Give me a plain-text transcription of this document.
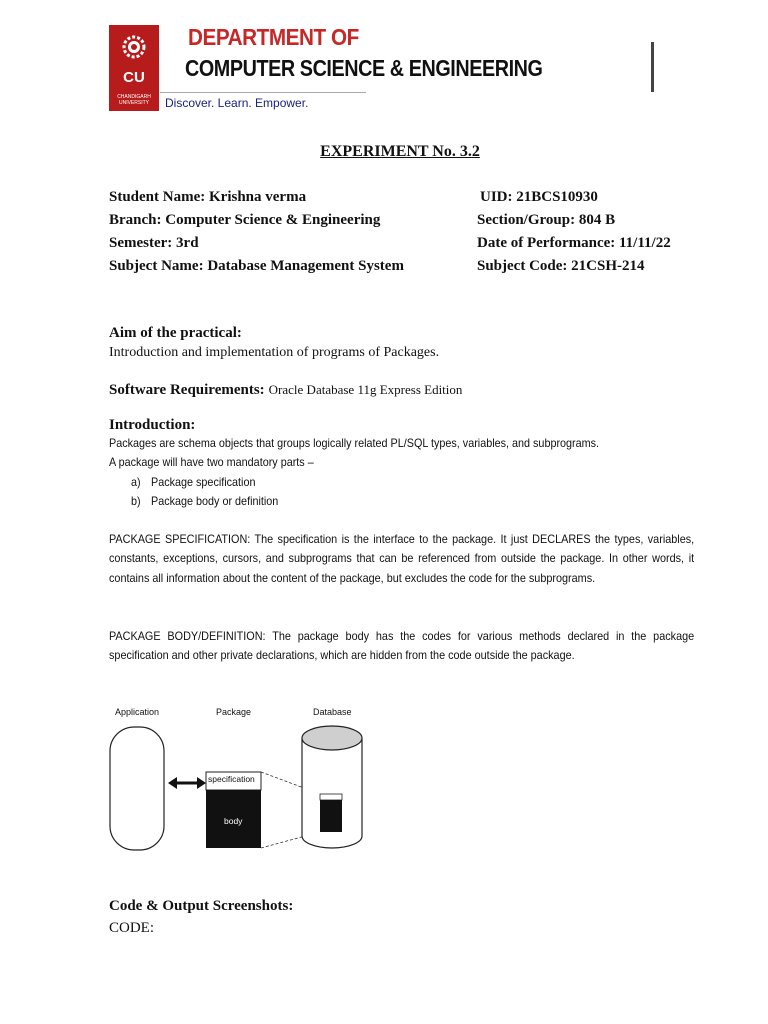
CU
CHANDIGARH UNIVERSITY
DEPARTMENT OF
COMPUTER SCIENCE & ENGINEERING
Discover. Learn. Empower.
EXPERIMENT No. 3.2
Student Name: Krishna verma	UID: 21BCS10930
Branch: Computer Science & Engineering	Section/Group: 804 B
Semester: 3rd	Date of Performance: 11/11/22
Subject Name: Database Management System	Subject Code: 21CSH-214
Aim of the practical:
Introduction and implementation of programs of Packages.
Software Requirements: Oracle Database 11g Express Edition
Introduction:
Packages are schema objects that groups logically related PL/SQL types, variables, and subprograms.
A package will have two mandatory parts –
a) Package specification
b) Package body or definition
PACKAGE SPECIFICATION: The specification is the interface to the package. It just DECLARES the types, variables, constants, exceptions, cursors, and subprograms that can be referenced from outside the package. In other words, it contains all information about the content of the package, but excludes the code for the subprograms.
PACKAGE BODY/DEFINITION: The package body has the codes for various methods declared in the package specification and other private declarations, which are hidden from the code outside the package.
Application	Package	Database
specification
body
Code & Output Screenshots:
CODE:
